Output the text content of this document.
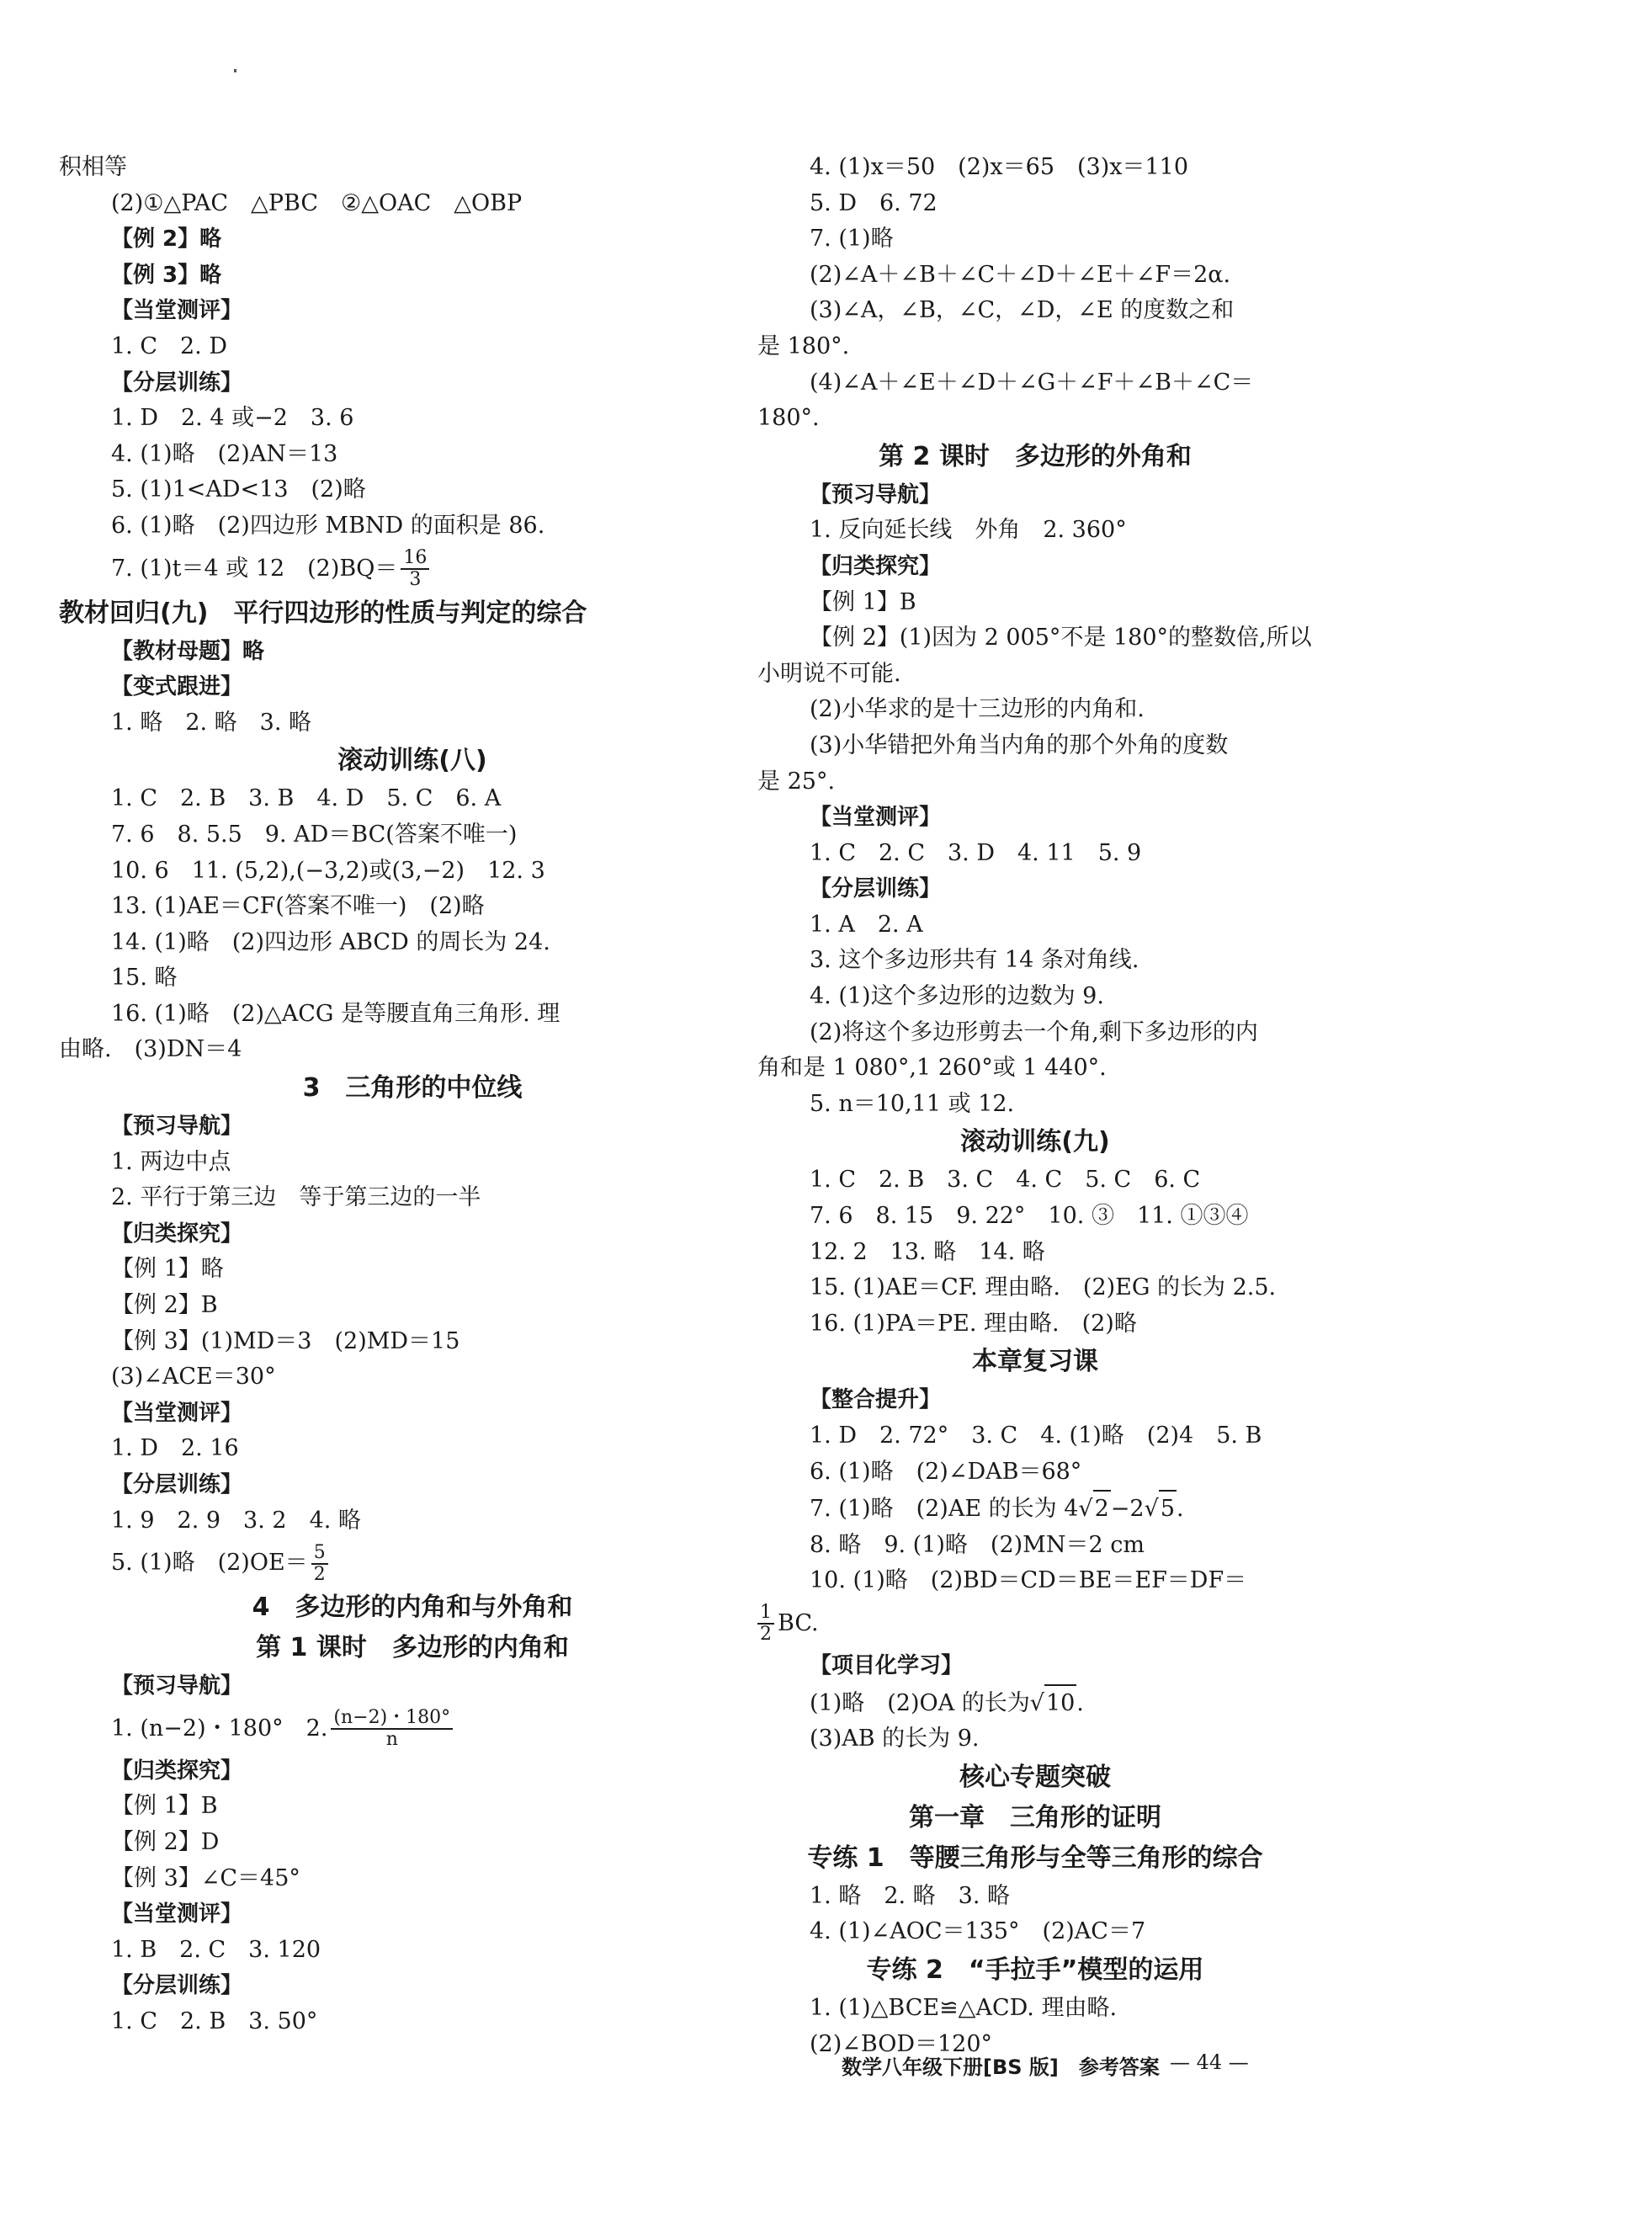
积相等
(2)①△PAC　△PBC　②△OAC　△OBP
【例 2】略
【例 3】略
【当堂测评】
1. C　2. D
【分层训练】
1. D　2. 4 或−2　3. 6
4. (1)略　(2)AN＝13
5. (1)1<AD<13　(2)略
6. (1)略　(2)四边形 MBND 的面积是 86.
7. (1)t＝4 或 12　$(2)BQ= \frac{16}{3}$
教材回归(九)　平行四边形的性质与判定的综合
【教材母题】略
【变式跟进】
1. 略　2. 略　3. 略
滚动训练(八)
1. C　2. B　3. B　4. D　5. C　6. A
7. 6　8. 5.5　9. AD＝BC(答案不唯一)
10. 6　11. (5,2),(−3,2)或(3,−2)　12. 3
13. (1)AE＝CF(答案不唯一)　(2)略
14. (1)略　(2)四边形 ABCD 的周长为 24.
15. 略
16. (1)略　(2)△ACG 是等腰直角三角形. 理
由略.　(3)DN＝4
3　三角形的中位线
【预习导航】
1. 两边中点
2. 平行于第三边　等于第三边的一半
【归类探究】
【例 1】略
【例 2】B
【例 3】(1)MD＝3　(2)MD＝15
(3)∠ACE＝30°
【当堂测评】
1. D　2. 16
【分层训练】
1. 9　2. 9　3. 2　4. 略
5. (1)略　$(2)OE= \frac{5}{2}$
4　多边形的内角和与外角和
第 1 课时　多边形的内角和
【预习导航】
1. (n−2)・180°　2. $\frac{(n-2)・180^\circ}{n}$
【归类探究】
【例 1】B
【例 2】D
【例 3】∠C＝45°
【当堂测评】
1. B　2. C　3. 120
【分层训练】
1. C　2. B　3. 50°
4. (1)x＝50　(2)x＝65　(3)x＝110
5. D　6. 72
7. (1)略
(2)∠A＋∠B＋∠C＋∠D＋∠E＋∠F＝2α.
(3)∠A，∠B，∠C，∠D，∠E 的度数之和
是 180°.
(4)∠A＋∠E＋∠D＋∠G＋∠F＋∠B＋∠C＝
180°.
第 2 课时　多边形的外角和
【预习导航】
1. 反向延长线　外角　2. 360°
【归类探究】
【例 1】B
【例 2】(1)因为 2 005°不是 180°的整数倍,所以
小明说不可能.
(2)小华求的是十三边形的内角和.
(3)小华错把外角当内角的那个外角的度数
是 25°.
【当堂测评】
1. C　2. C　3. D　4. 11　5. 9
【分层训练】
1. A　2. A
3. 这个多边形共有 14 条对角线.
4. (1)这个多边形的边数为 9.
(2)将这个多边形剪去一个角,剩下多边形的内
角和是 1 080°,1 260°或 1 440°.
5. n＝10,11 或 12.
滚动训练(九)
1. C　2. B　3. C　4. C　5. C　6. C
7. 6　8. 15　9. 22°　10. ③　11. ①③④
12. 2　13. 略　14. 略
15. (1)AE＝CF. 理由略.　(2)EG 的长为 2.5.
16. (1)PA＝PE. 理由略.　(2)略
本章复习课
【整合提升】
1. D　2. 72°　3. C　4. (1)略　(2)4　5. B
6. (1)略　(2)∠DAB＝68°
7. (1)略　(2)AE 的长为 4√2−2√5.
8. 略　9. (1)略　(2)MN＝2 cm
10. (1)略　(2)BD＝CD＝BE＝EF＝DF＝
$\frac{1}{2}$ BC.
【项目化学习】
(1)略　(2)OA 的长为√10.
(3)AB 的长为 9.
核心专题突破
第一章　三角形的证明
专练 1　等腰三角形与全等三角形的综合
1. 略　2. 略　3. 略
4. (1)∠AOC＝135°　(2)AC＝7
专练 2　“手拉手”模型的运用
1. (1)△BCE≌△ACD. 理由略.
(2)∠BOD＝120°
数学八年级下册[BS 版]　参考答案 — 44 —
